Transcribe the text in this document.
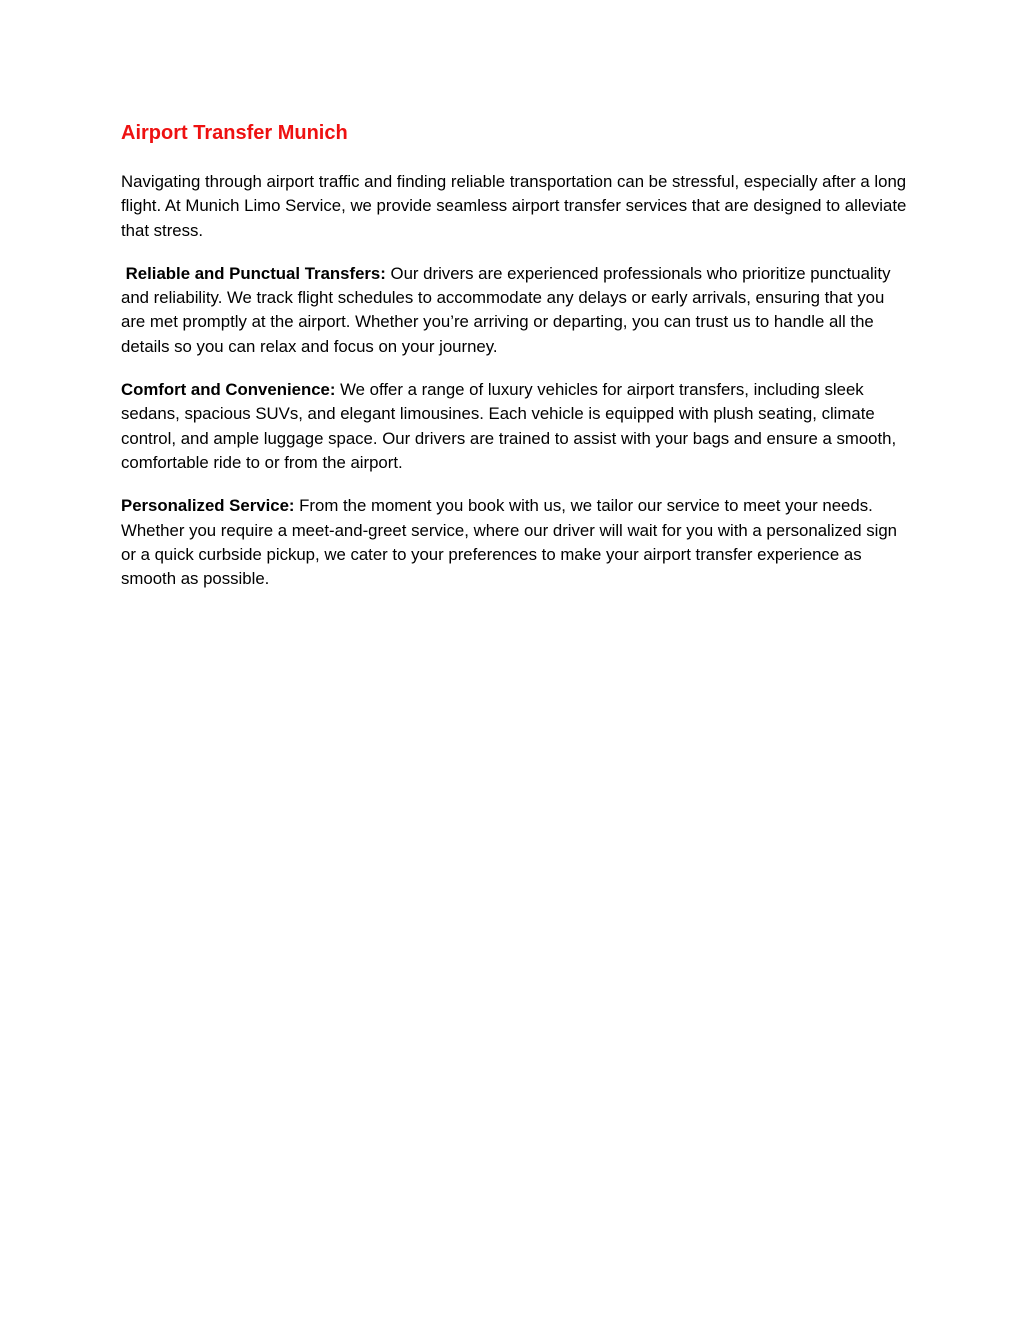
Airport Transfer Munich

Navigating through airport traffic and finding reliable transportation can be stressful, especially after a long flight. At Munich Limo Service, we provide seamless airport transfer services that are designed to alleviate that stress.

Reliable and Punctual Transfers: Our drivers are experienced professionals who prioritize punctuality and reliability. We track flight schedules to accommodate any delays or early arrivals, ensuring that you are met promptly at the airport. Whether you’re arriving or departing, you can trust us to handle all the details so you can relax and focus on your journey.

Comfort and Convenience: We offer a range of luxury vehicles for airport transfers, including sleek sedans, spacious SUVs, and elegant limousines. Each vehicle is equipped with plush seating, climate control, and ample luggage space. Our drivers are trained to assist with your bags and ensure a smooth, comfortable ride to or from the airport.

Personalized Service: From the moment you book with us, we tailor our service to meet your needs. Whether you require a meet-and-greet service, where our driver will wait for you with a personalized sign or a quick curbside pickup, we cater to your preferences to make your airport transfer experience as smooth as possible.
